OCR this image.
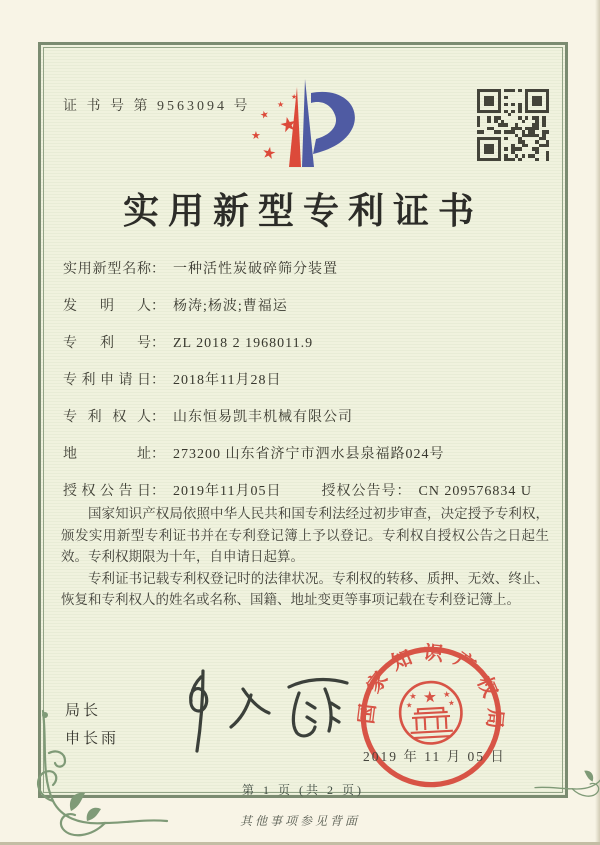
证 书 号 第 9563094 号
★
★
★
★
★
★
实用新型专利证书
实用新型名称： 一种活性炭破碎筛分装置
发明人： 杨涛;杨波;曹福运
专利号： ZL 2018 2 1968011.9
专利申请日： 2018年11月28日
专利权人： 山东恒易凯丰机械有限公司
地址： 273200 山东省济宁市泗水县泉福路024号
授权公告日： 2019年11月05日	授权公告号： CN 209576834 U

国家知识产权局依照中华人民共和国专利法经过初步审查，决定授予专利权，颁发实用新型专利证书并在专利登记簿上予以登记。专利权自授权公告之日起生效。专利权期限为十年，自申请日起算。

专利证书记载专利权登记时的法律状况。专利权的转移、质押、无效、终止、恢复和专利权人的姓名或名称、国籍、地址变更等事项记载在专利登记簿上。

局长
申长雨
国家知识产权局
★
★	★
★	★
2019 年 11 月 05 日
第 1 页 (共 2 页)
其他事项参见背面
